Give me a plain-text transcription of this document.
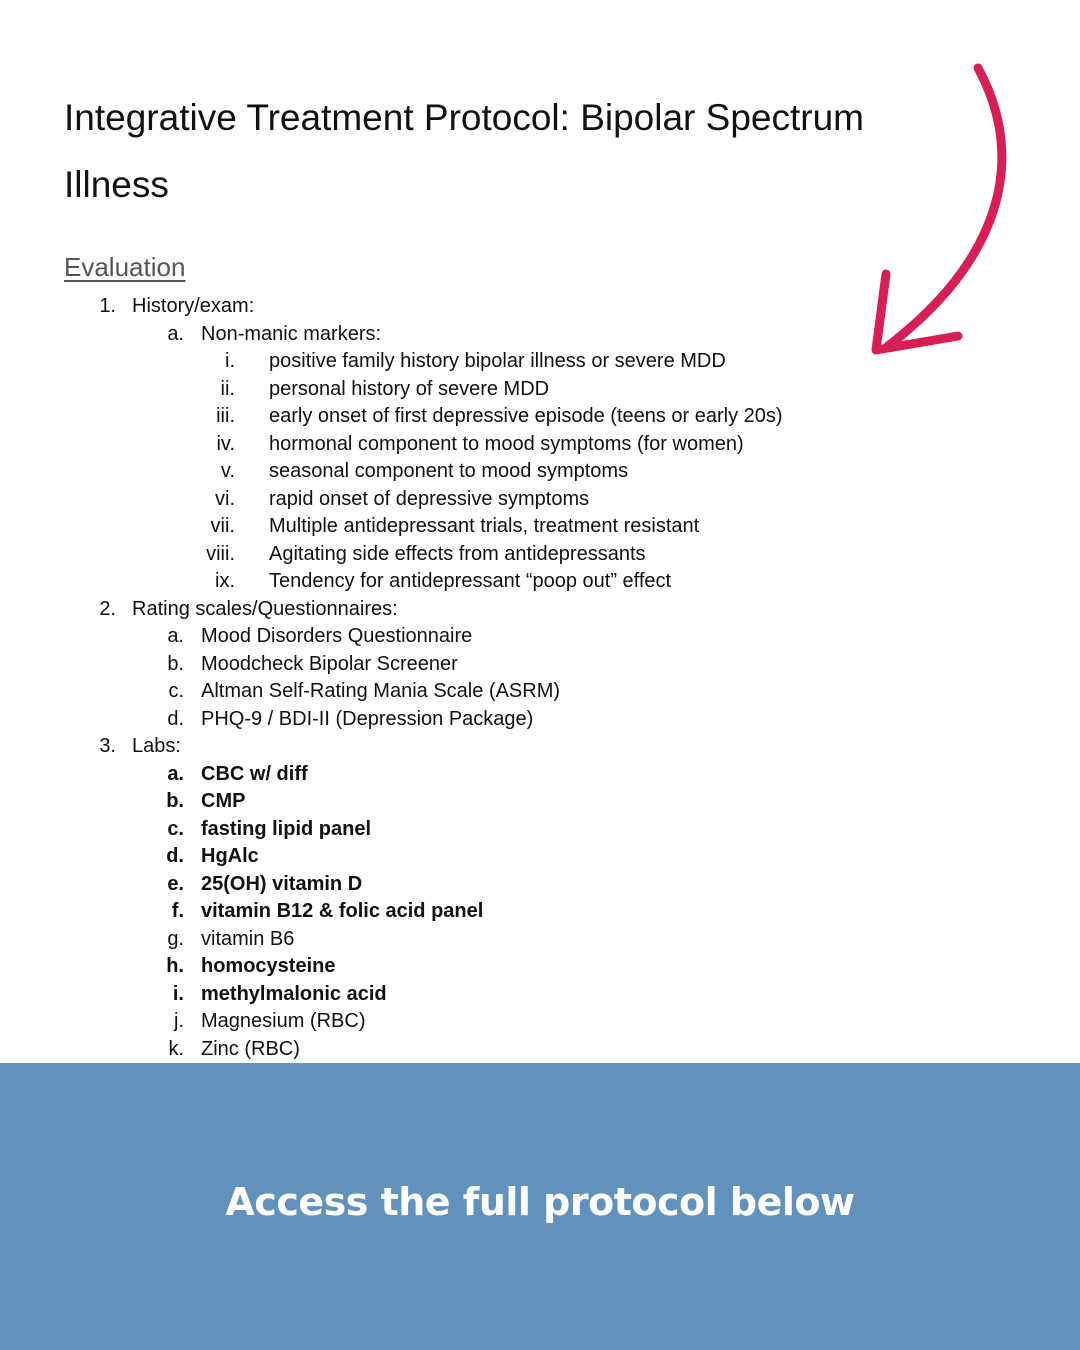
Integrative Treatment Protocol: Bipolar Spectrum Illness
Evaluation
1. History/exam:
a. Non-manic markers:
i. positive family history bipolar illness or severe MDD
ii. personal history of severe MDD
iii. early onset of first depressive episode (teens or early 20s)
iv. hormonal component to mood symptoms (for women)
v. seasonal component to mood symptoms
vi. rapid onset of depressive symptoms
vii. Multiple antidepressant trials, treatment resistant
viii. Agitating side effects from antidepressants
ix. Tendency for antidepressant “poop out” effect
2. Rating scales/Questionnaires:
a. Mood Disorders Questionnaire
b. Moodcheck Bipolar Screener
c. Altman Self-Rating Mania Scale (ASRM)
d. PHQ-9 / BDI-II (Depression Package)
3. Labs:
a. CBC w/ diff
b. CMP
c. fasting lipid panel
d. HgAlc
e. 25(OH) vitamin D
f. vitamin B12 & folic acid panel
g. vitamin B6
h. homocysteine
i. methylmalonic acid
j. Magnesium (RBC)
k. Zinc (RBC)
Access the full protocol below
